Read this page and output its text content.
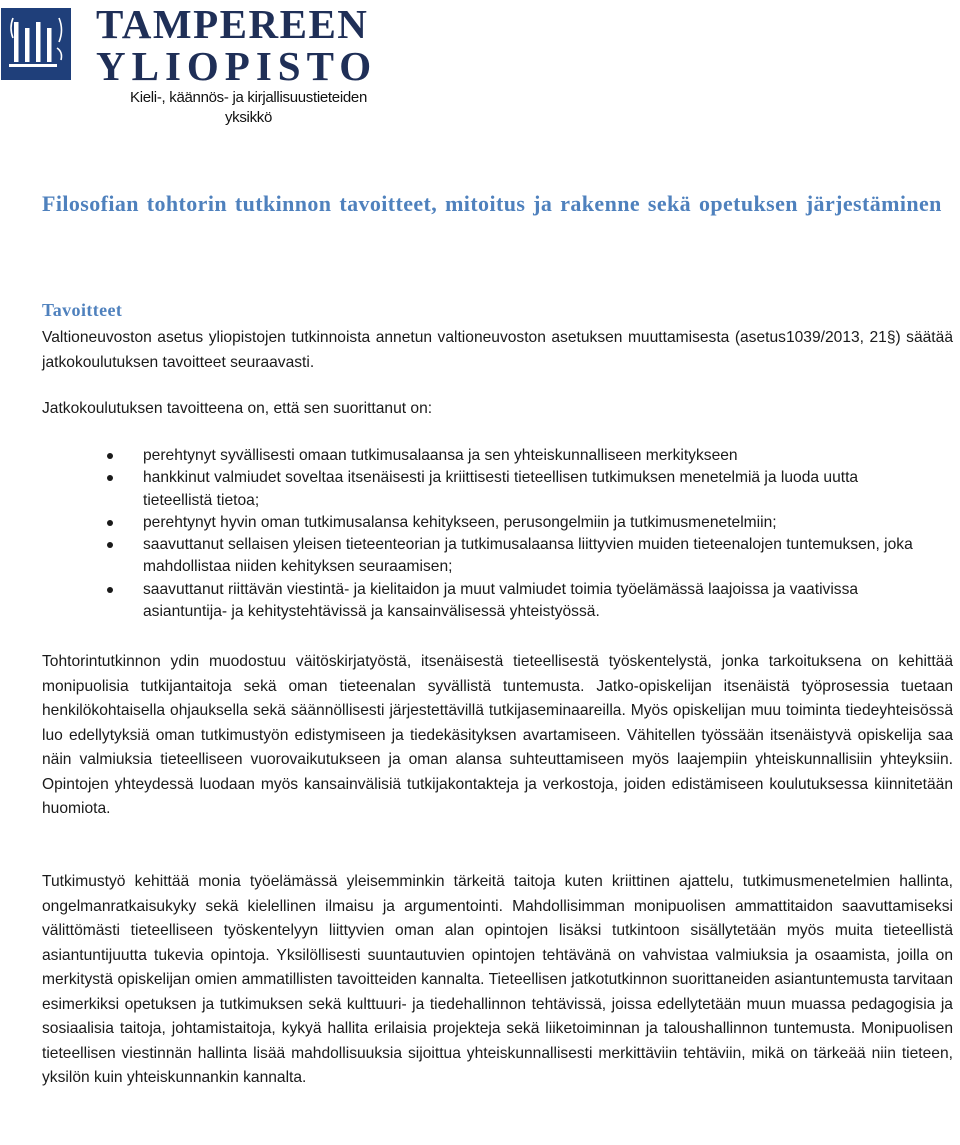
TAMPEREEN

YLIOPISTO

Kieli-, käännös- ja kirjallisuustieteiden yksikkö
Filosofian tohtorin tutkinnon tavoitteet, mitoitus ja rakenne sekä opetuksen järjestäminen
Tavoitteet

Valtioneuvoston asetus yliopistojen tutkinnoista annetun valtioneuvoston asetuksen muuttamisesta (asetus1039/2013, 21§) säätää jatkokoulutuksen tavoitteet seuraavasti.

Jatkokoulutuksen tavoitteena on, että sen suorittanut on:

perehtynyt syvällisesti omaan tutkimusalaansa ja sen yhteiskunnalliseen merkitykseen
hankkinut valmiudet soveltaa itsenäisesti ja kriittisesti tieteellisen tutkimuksen menetelmiä ja luoda uutta tieteellistä tietoa;
perehtynyt hyvin oman tutkimusalansa kehitykseen, perusongelmiin ja tutkimusmenetelmiin;
saavuttanut sellaisen yleisen tieteenteorian ja tutkimusalaansa liittyvien muiden tieteenalojen tuntemuksen, joka mahdollistaa niiden kehityksen seuraamisen;
saavuttanut riittävän viestintä- ja kielitaidon ja muut valmiudet toimia työelämässä laajoissa ja vaativissa asiantuntija- ja kehitystehtävissä ja kansainvälisessä yhteistyössä.

Tohtorintutkinnon ydin muodostuu väitöskirjatyöstä, itsenäisestä tieteellisestä työskentelystä, jonka tarkoituksena on kehittää monipuolisia tutkijantaitoja sekä oman tieteenalan syvällistä tuntemusta. Jatko-opiskelijan itsenäistä työprosessia tuetaan henkilökohtaisella ohjauksella sekä säännöllisesti järjestettävillä tutkijaseminaareilla. Myös opiskelijan muu toiminta tiedeyhteisössä luo edellytyksiä oman tutkimustyön edistymiseen ja tiedekäsityksen avartamiseen. Vähitellen työssään itsenäistyvä opiskelija saa näin valmiuksia tieteelliseen vuorovaikutukseen ja oman alansa suhteuttamiseen myös laajempiin yhteiskunnallisiin yhteyksiin. Opintojen yhteydessä luodaan myös kansainvälisiä tutkijakontakteja ja verkostoja, joiden edistämiseen koulutuksessa kiinnitetään huomiota.

Tutkimustyö kehittää monia työelämässä yleisemminkin tärkeitä taitoja kuten kriittinen ajattelu, tutkimusmenetelmien hallinta, ongelmanratkaisukyky sekä kielellinen ilmaisu ja argumentointi. Mahdollisimman monipuolisen ammattitaidon saavuttamiseksi välittömästi tieteelliseen työskentelyyn liittyvien oman alan opintojen lisäksi tutkintoon sisällytetään myös muita tieteellistä asiantuntijuutta tukevia opintoja. Yksilöllisesti suuntautuvien opintojen tehtävänä on vahvistaa valmiuksia ja osaamista, joilla on merkitystä opiskelijan omien ammatillisten tavoitteiden kannalta. Tieteellisen jatkotutkinnon suorittaneiden asiantuntemusta tarvitaan esimerkiksi opetuksen ja tutkimuksen sekä kulttuuri- ja tiedehallinnon tehtävissä, joissa edellytetään muun muassa pedagogisia ja sosiaalisia taitoja, johtamistaitoja, kykyä hallita erilaisia projekteja sekä liiketoiminnan ja taloushallinnon tuntemusta. Monipuolisen tieteellisen viestinnän hallinta lisää mahdollisuuksia sijoittua yhteiskunnallisesti merkittäviin tehtäviin, mikä on tärkeää niin tieteen, yksilön kuin yhteiskunnankin kannalta.
